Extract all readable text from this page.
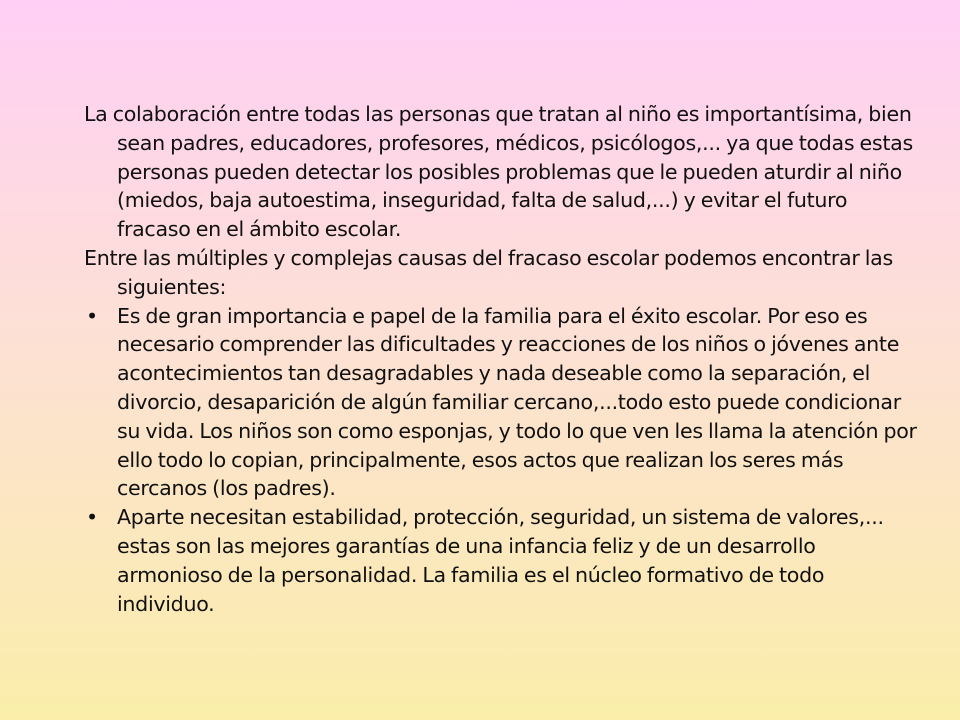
La colaboración entre todas las personas que tratan al niño es importantísima, bien sean padres, educadores, profesores, médicos, psicólogos,... ya que todas estas personas pueden detectar los posibles problemas que le pueden aturdir al niño (miedos, baja autoestima, inseguridad, falta de salud,...) y evitar el futuro fracaso en el ámbito escolar.

Entre las múltiples y complejas causas del fracaso escolar podemos encontrar las siguientes:

• Es de gran importancia e papel de la familia para el éxito escolar. Por eso es necesario comprender las dificultades y reacciones de los niños o jóvenes ante acontecimientos tan desagradables y nada deseable como la separación, el divorcio, desaparición de algún familiar cercano,...todo esto puede condicionar su vida. Los niños son como esponjas, y todo lo que ven les llama la atención por ello todo lo copian, principalmente, esos actos que realizan los seres más cercanos (los padres).
• Aparte necesitan estabilidad, protección, seguridad, un sistema de valores,... estas son las mejores garantías de una infancia feliz y de un desarrollo armonioso de la personalidad. La familia es el núcleo formativo de todo individuo.
